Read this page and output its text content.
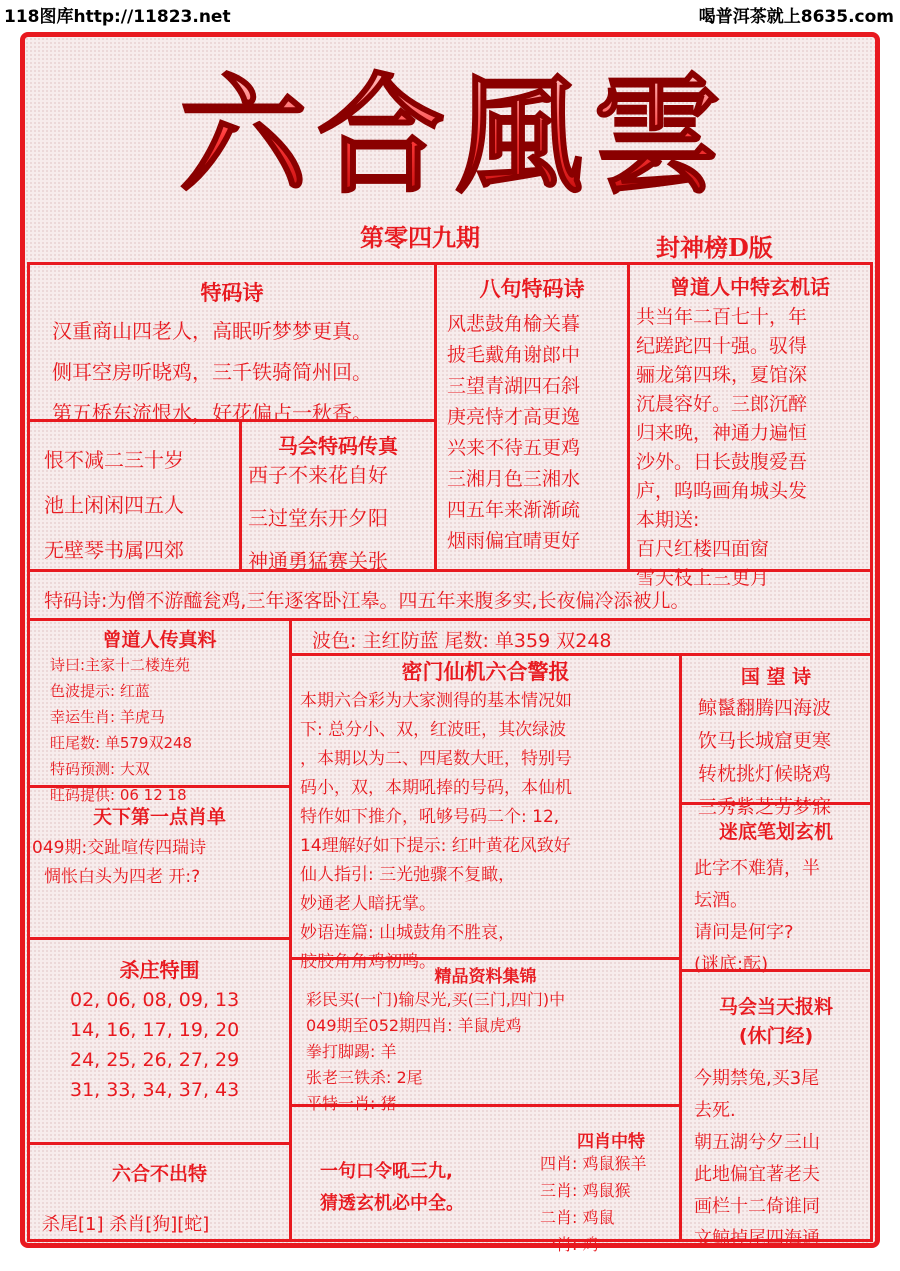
118图库http://11823.net	喝普洱茶就上8635.com
六合風雲
第零四九期	封神榜D版
特码诗
汉重商山四老人，高眠听梦梦更真。
侧耳空房听晓鸡，三千铁骑简州回。
第五桥东流恨水，好花偏占一秋香。
八句特码诗
风悲鼓角榆关暮
披毛戴角谢郎中
三望青湖四石斜
庚亮恃才高更逸
兴来不待五更鸡
三湘月色三湘水
四五年来渐渐疏
烟雨偏宜晴更好
曾道人中特玄机话
共当年二百七十，年
纪蹉跎四十强。驭得
骊龙第四珠，夏馆深
沉晨容好。三郎沉醉
归来晚，神通力遍恒
沙外。日长鼓腹爱吾
庐，呜呜画角城头发
本期送:
百尺红楼四面窗
雪天枝上三更月
恨不减二三十岁
池上闲闲四五人
无壁琴书属四郊
马会特码传真
西子不来花自好
三过堂东开夕阳
神通勇猛赛关张
特码诗:为僧不游醯瓮鸡,三年逐客卧江皋。四五年来腹多实,长夜偏冷添被儿。
曾道人传真料
诗曰:主家十二楼连苑
色波提示: 红蓝
幸运生肖: 羊虎马
旺尾数: 单579双248
特码预测: 大双
旺码提供: 06 12 18
天下第一点肖单
049期:交趾喧传四瑞诗
惆怅白头为四老 开:?
杀庄特围
02, 06, 08, 09, 13
14, 16, 17, 19, 20
24, 25, 26, 27, 29
31, 33, 34, 37, 43
六合不出特
杀尾[1] 杀肖[狗][蛇]
波色: 主红防蓝 尾数: 单359 双248
密门仙机六合警报
本期六合彩为大家测得的基本情况如
下: 总分小、双，红波旺，其次绿波
，本期以为二、四尾数大旺，特别号
码小，双，本期吼捧的号码，本仙机
特作如下推介，吼够号码二个: 12,
14理解好如下提示: 红叶黄花风致好
仙人指引: 三光弛骤不复瞰，
妙通老人暗抚掌。
妙语连篇: 山城鼓角不胜哀，
胶胶角角鸡初鸣。
精品资料集锦
彩民买(一门)输尽光,买(三门,四门)中
049期至052期四肖: 羊鼠虎鸡
拳打脚踢: 羊
张老三铁杀: 2尾
平特一肖: 猪
一句口令吼三九,
猜透玄机必中全。
四肖中特
四肖: 鸡鼠猴羊
三肖: 鸡鼠猴
二肖: 鸡鼠
一肖: 鸡
国 望 诗
鲸鬣翻腾四海波
饮马长城窟更寒
转枕挑灯候晓鸡
三秀紫芝劳梦寐
迷底笔划玄机
此字不难猜，半
坛酒。
请问是何字?
(谜底:酝)
马会当天报料
(休门经)
今期禁兔,买3尾
去死.
朝五湖兮夕三山
此地偏宜著老夫
画栏十二倚谁同
文鲸掉尾四海通
